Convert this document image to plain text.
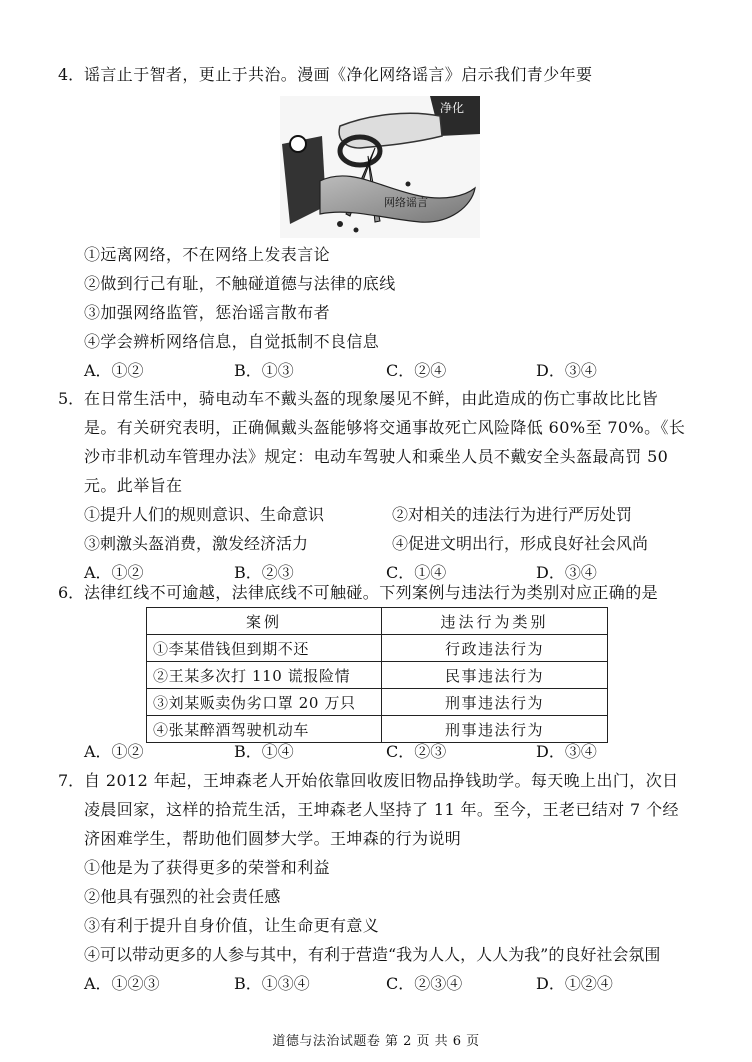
4． 谣言止于智者，更止于共治。漫画《净化网络谣言》启示我们青少年要
净化
网络谣言
①远离网络，不在网络上发表言论
②做到行己有耻，不触碰道德与法律的底线
③加强网络监管，惩治谣言散布者
④学会辨析网络信息，自觉抵制不良信息
A．①②	B．①③	C．②④	D．③④
5． 在日常生活中，骑电动车不戴头盔的现象屡见不鲜，由此造成的伤亡事故比比皆
是。有关研究表明，正确佩戴头盔能够将交通事故死亡风险降低 60%至 70%。《长
沙市非机动车管理办法》规定：电动车驾驶人和乘坐人员不戴安全头盔最高罚 50
元。此举旨在
①提升人们的规则意识、生命意识	②对相关的违法行为进行严厉处罚
③刺激头盔消费，激发经济活力	④促进文明出行，形成良好社会风尚
A．①②	B．②③	C．①④	D．③④
6． 法律红线不可逾越，法律底线不可触碰。下列案例与违法行为类别对应正确的是
案例	违法行为类别
①李某借钱但到期不还	行政违法行为
②王某多次打 110 谎报险情	民事违法行为
③刘某贩卖伪劣口罩 20 万只	刑事违法行为
④张某醉酒驾驶机动车	刑事违法行为
A．①②	B．①④	C．②③	D．③④
7． 自 2012 年起，王坤森老人开始依靠回收废旧物品挣钱助学。每天晚上出门，次日
凌晨回家，这样的拾荒生活，王坤森老人坚持了 11 年。至今，王老已结对 7 个经
济困难学生，帮助他们圆梦大学。王坤森的行为说明
①他是为了获得更多的荣誉和利益
②他具有强烈的社会责任感
③有利于提升自身价值，让生命更有意义
④可以带动更多的人参与其中，有利于营造“我为人人，人人为我”的良好社会氛围
A．①②③	B．①③④	C．②③④	D．①②④
道德与法治试题卷 第 2 页 共 6 页
